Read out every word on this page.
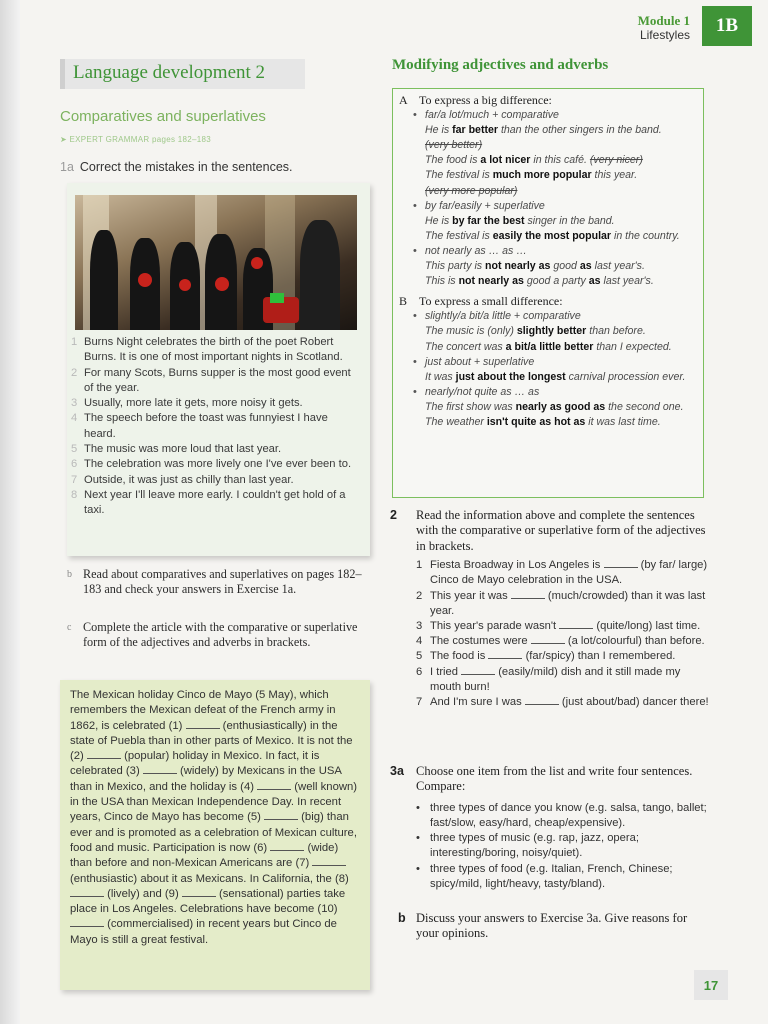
Module 1
Lifestyles	1B
Language development 2
Comparatives and superlatives
➤ EXPERT GRAMMAR pages 182–183
1a Correct the mistakes in the sentences.
1 Burns Night celebrates the birth of the poet Robert Burns. It is one of most important nights in Scotland.
2 For many Scots, Burns supper is the most good event of the year.
3 Usually, more late it gets, more noisy it gets.
4 The speech before the toast was funnyiest I have heard.
5 The music was more loud that last year.
6 The celebration was more lively one I've ever been to.
7 Outside, it was just as chilly than last year.
8 Next year I'll leave more early. I couldn't get hold of a taxi.
b Read about comparatives and superlatives on pages 182–183 and check your answers in Exercise 1a.
c Complete the article with the comparative or superlative form of the adjectives and adverbs in brackets.
The Mexican holiday Cinco de Mayo (5 May), which remembers the Mexican defeat of the French army in 1862, is celebrated (1)	(enthusiastically) in the state of Puebla than in other parts of Mexico. It is not the (2)	(popular) holiday in Mexico. In fact, it is celebrated (3)	(widely) by Mexicans in the USA than in Mexico, and the holiday is (4)	(well known) in the USA than Mexican Independence Day. In recent years, Cinco de Mayo has become (5)	(big) than ever and is promoted as a celebration of Mexican culture, food and music. Participation is now (6)	(wide) than before and non-Mexican Americans are (7)  (enthusiastic) about it as Mexicans. In California, the (8)  (lively) and (9)	(sensational) parties take place in Los Angeles. Celebrations have become (10)  (commercialised) in recent years but Cinco de Mayo is still a great festival.
Modifying adjectives and adverbs
A To express a big difference:
• far/a lot/much + comparative
He is far better than the other singers in the band.
(very better)
The food is a lot nicer in this café. (very nicer)
The festival is much more popular this year.
(very more popular)
• by far/easily + superlative
He is by far the best singer in the band.
The festival is easily the most popular in the country.
• not nearly as … as …
This party is not nearly as good as last year's.
This is not nearly as good a party as last year's.
B To express a small difference:
• slightly/a bit/a little + comparative
The music is (only) slightly better than before.
The concert was a bit/a little better than I expected.
• just about + superlative
It was just about the longest carnival procession ever.
• nearly/not quite as … as
The first show was nearly as good as the second one.
The weather isn't quite as hot as it was last time.
2	Read the information above and complete the sentences with the comparative or superlative form of the adjectives in brackets.
1 Fiesta Broadway in Los Angeles is	(by far/ large) Cinco de Mayo celebration in the USA.
2 This year it was	(much/crowded) than it was last year.
3 This year's parade wasn't	(quite/long) last time.
4 The costumes were	(a lot/colourful) than before.
5 The food is	(far/spicy) than I remembered.
6 I tried	(easily/mild) dish and it still made my mouth burn!
7 And I'm sure I was	(just about/bad) dancer there!
3a Choose one item from the list and write four sentences.
Compare:
• three types of dance you know (e.g. salsa, tango, ballet; fast/slow, easy/hard, cheap/expensive).
• three types of music (e.g. rap, jazz, opera; interesting/boring, noisy/quiet).
• three types of food (e.g. Italian, French, Chinese; spicy/mild, light/heavy, tasty/bland).
b Discuss your answers to Exercise 3a. Give reasons for your opinions.
17
